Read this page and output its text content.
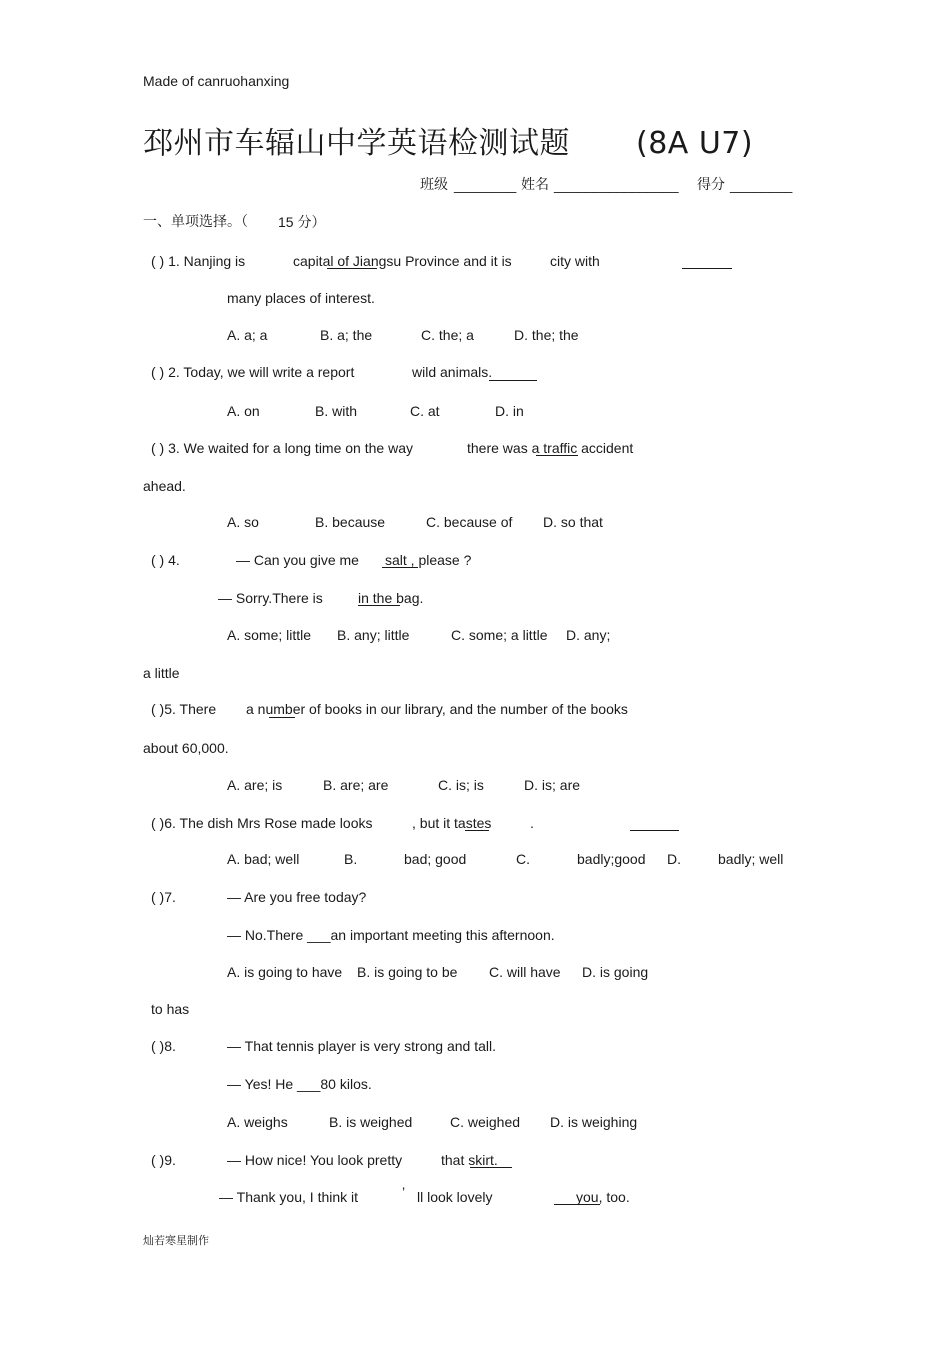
Made of canruohanxing
邳州市车辐山中学英语检测试题 (8A U7)
班级 ________ 姓名 ________________ 得分 ________
一、单项选择。（ 15 分）
( ) 1. Nanjing is	capital of Jiangsu Province and it is	city with
many places of interest.
A. a; a	B. a; the	C. the; a	D. the; the
( ) 2. Today, we will write a report	wild animals.
A. on	B. with	C. at	D. in
( ) 3. We waited for a long time on the way	there was a traffic accident
ahead.
A. so	B. because	C. because of D. so that
( ) 4.	— Can you give me salt , please ?
— Sorry.There is	in the bag.
A. some; little B. any; little	C. some; a little D. any;
a little
( )5. There a number of books in our library, and the number of the books
about 60,000.
A. are; is	B. are; are	C. is; is	D. is; are
( )6. The dish Mrs Rose made looks	, but it tastes	.
A. bad; well	B.	bad; good	C.	badly;good D.	badly; well
( )7.	— Are you free today?
— No.There ___an important meeting this afternoon.
A. is going to have B. is going to be C. will have D. is going
to has
( )8.	— That tennis player is very strong and tall.
— Yes! He ___80 kilos.
A. weighs	B. is weighed	C. weighed D. is weighing
( )9.	— How nice! You look pretty	that skirt.
— Thank you, I think it	’ ll look lovely	you, too.
灿若寒星制作
